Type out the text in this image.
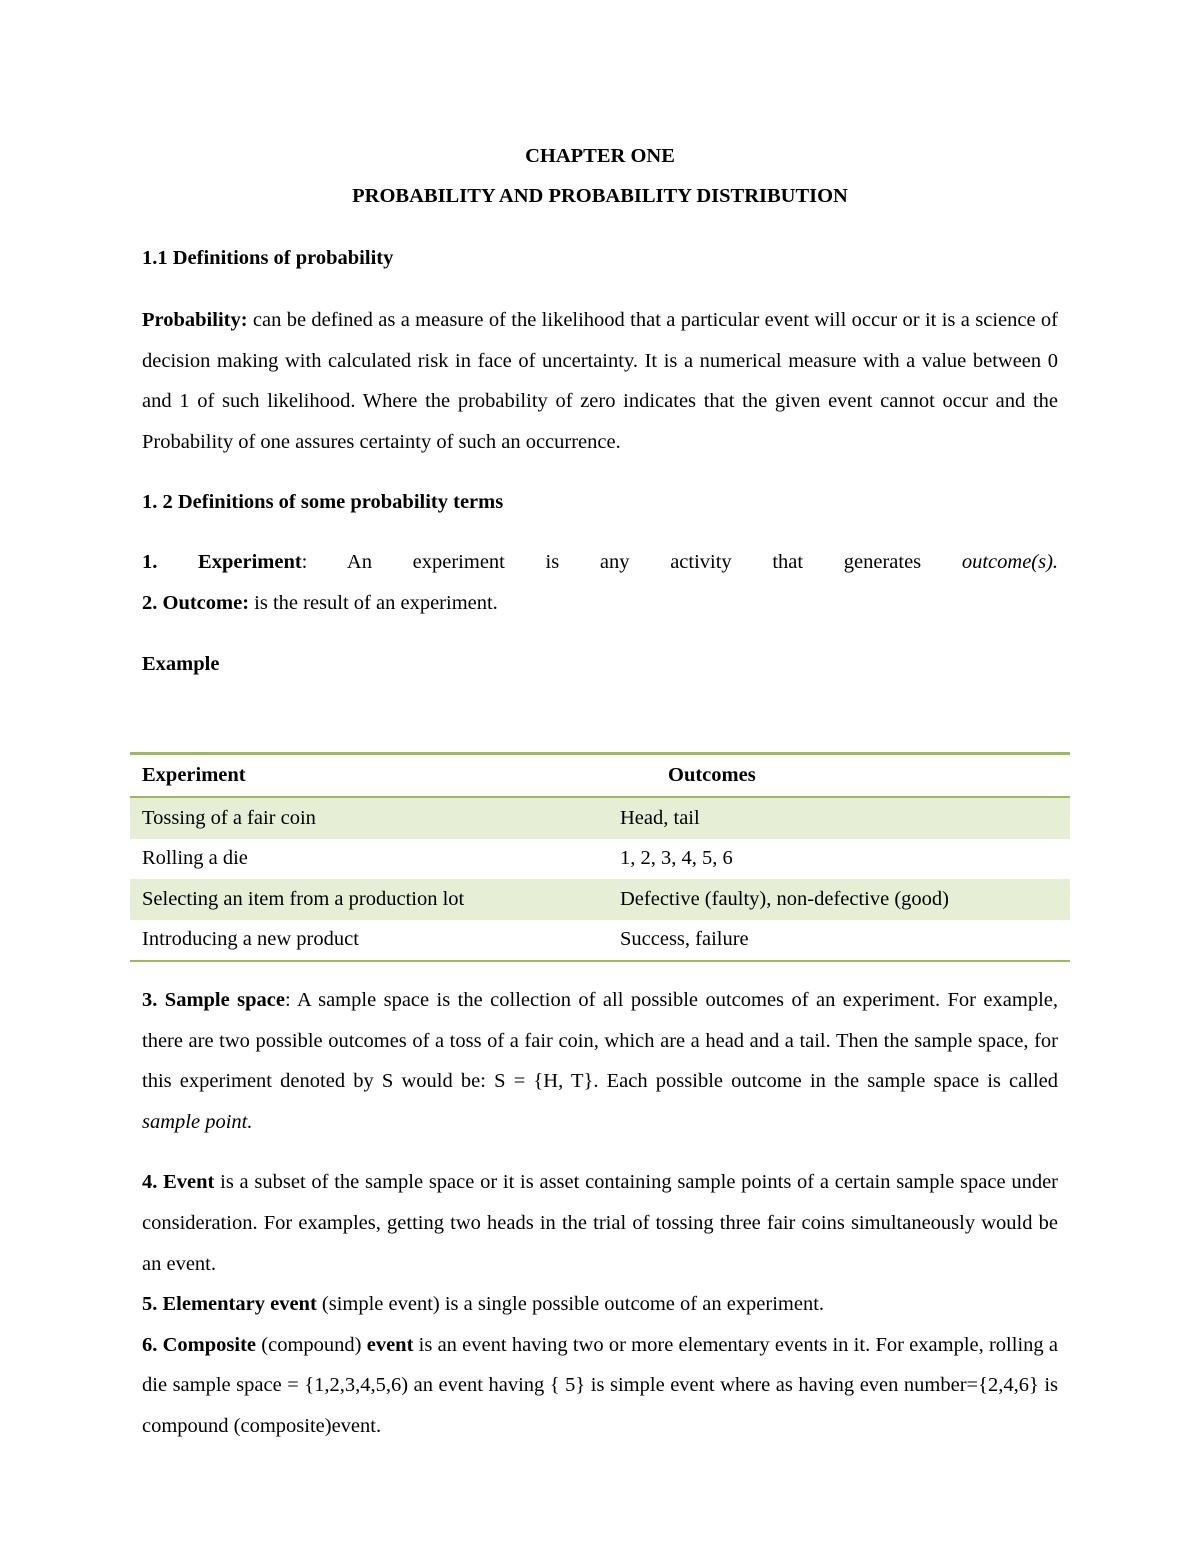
CHAPTER ONE

PROBABILITY AND PROBABILITY DISTRIBUTION

1.1 Definitions of probability

Probability: can be defined as a measure of the likelihood that a particular event will occur or it is a science of decision making with calculated risk in face of uncertainty. It is a numerical measure with a value between 0 and 1 of such likelihood. Where the probability of zero indicates that the given event cannot occur and the Probability of one assures certainty of such an occurrence.

1. 2 Definitions of some probability terms

1. Experiment: An experiment is any activity that generates outcome(s).

2. Outcome: is the result of an experiment.

Example

Experiment	Outcomes
Tossing of a fair coin	Head, tail
Rolling a die	1, 2, 3, 4, 5, 6
Selecting an item from a production lot	Defective (faulty), non-defective (good)
Introducing a new product	Success, failure

3. Sample space: A sample space is the collection of all possible outcomes of an experiment. For example, there are two possible outcomes of a toss of a fair coin, which are a head and a tail. Then the sample space, for this experiment denoted by S would be: S = {H, T}. Each possible outcome in the sample space is called sample point.

4. Event is a subset of the sample space or it is asset containing sample points of a certain sample space under consideration. For examples, getting two heads in the trial of tossing three fair coins simultaneously would be an event.

5. Elementary event (simple event) is a single possible outcome of an experiment.

6. Composite (compound) event is an event having two or more elementary events in it. For example, rolling a die sample space = {1,2,3,4,5,6) an event having { 5} is simple event where as having even number={2,4,6} is compound (composite)event.
